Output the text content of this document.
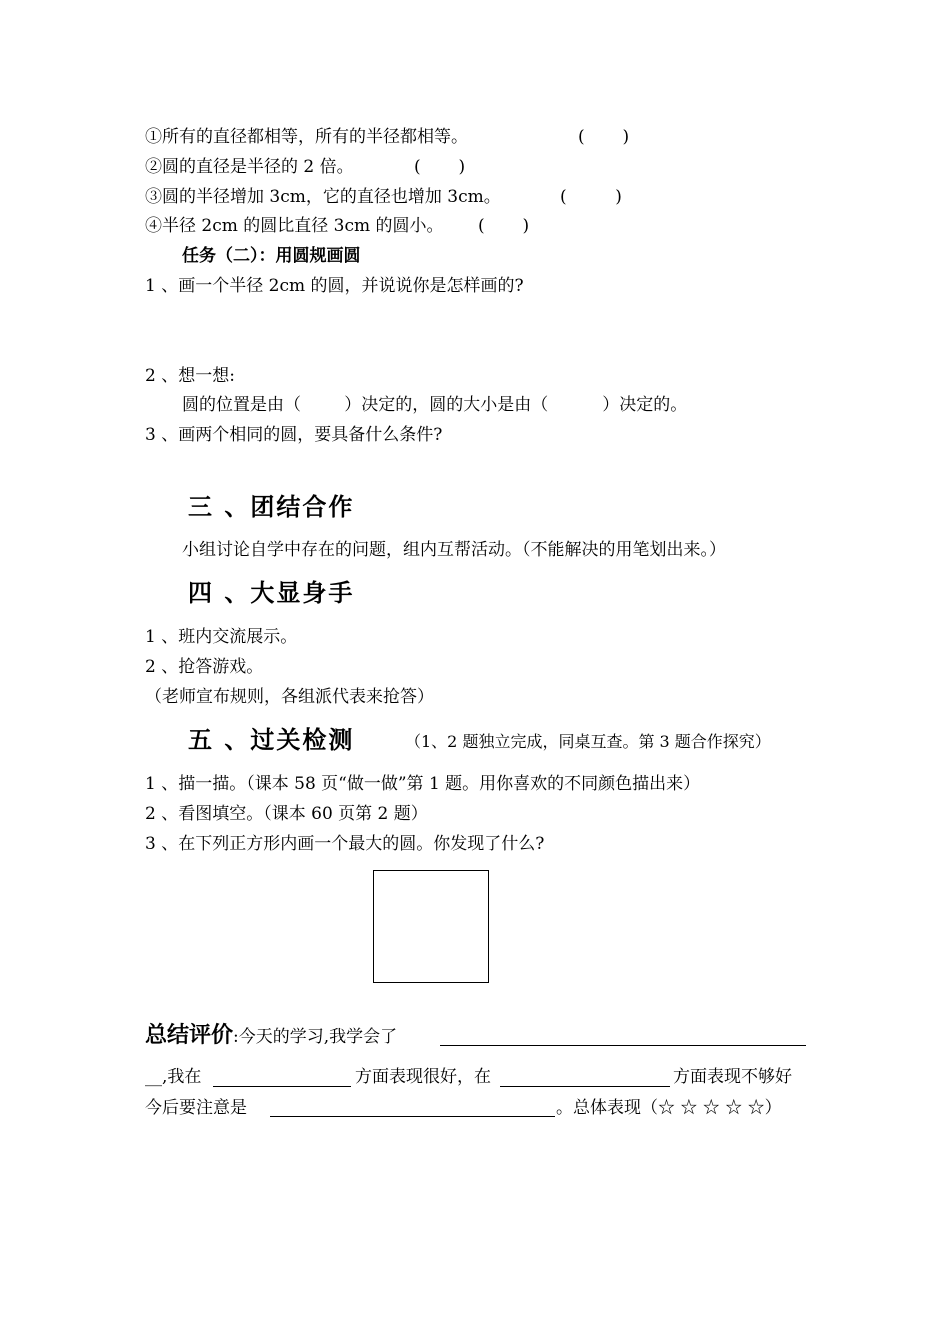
①所有的直径都相等，所有的半径都相等。	(       )
②圆的直径是半径的 2 倍。	(       )
③圆的半径增加 3cm，它的直径也增加 3cm。	(         )
④半径 2cm 的圆比直径 3cm 的圆小。 (       )
任务（二）：用圆规画圆
1 、画一个半径 2cm 的圆，并说说你是怎样画的?
2 、想一想:
圆的位置是由（        ）决定的，圆的大小是由（          ）决定的。
3 、画两个相同的圆，要具备什么条件?
三 、团结合作
小组讨论自学中存在的问题，组内互帮活动。（不能解决的用笔划出来。）
四 、大显身手
1 、班内交流展示。
2 、抢答游戏。
（老师宣布规则，各组派代表来抢答）
五 、过关检测	（1、2 题独立完成，同桌互查。第 3 题合作探究）
1 、描一描。（课本 58 页“做一做”第 1 题。用你喜欢的不同颜色描出来）
2 、看图填空。（课本 60 页第 2 题）
3 、在下列正方形内画一个最大的圆。你发现了什么?
总结评价:今天的学习,我学会了
__,我在	方面表现很好，在	方面表现不够好
今后要注意是	。总体表现（☆ ☆ ☆ ☆ ☆）
